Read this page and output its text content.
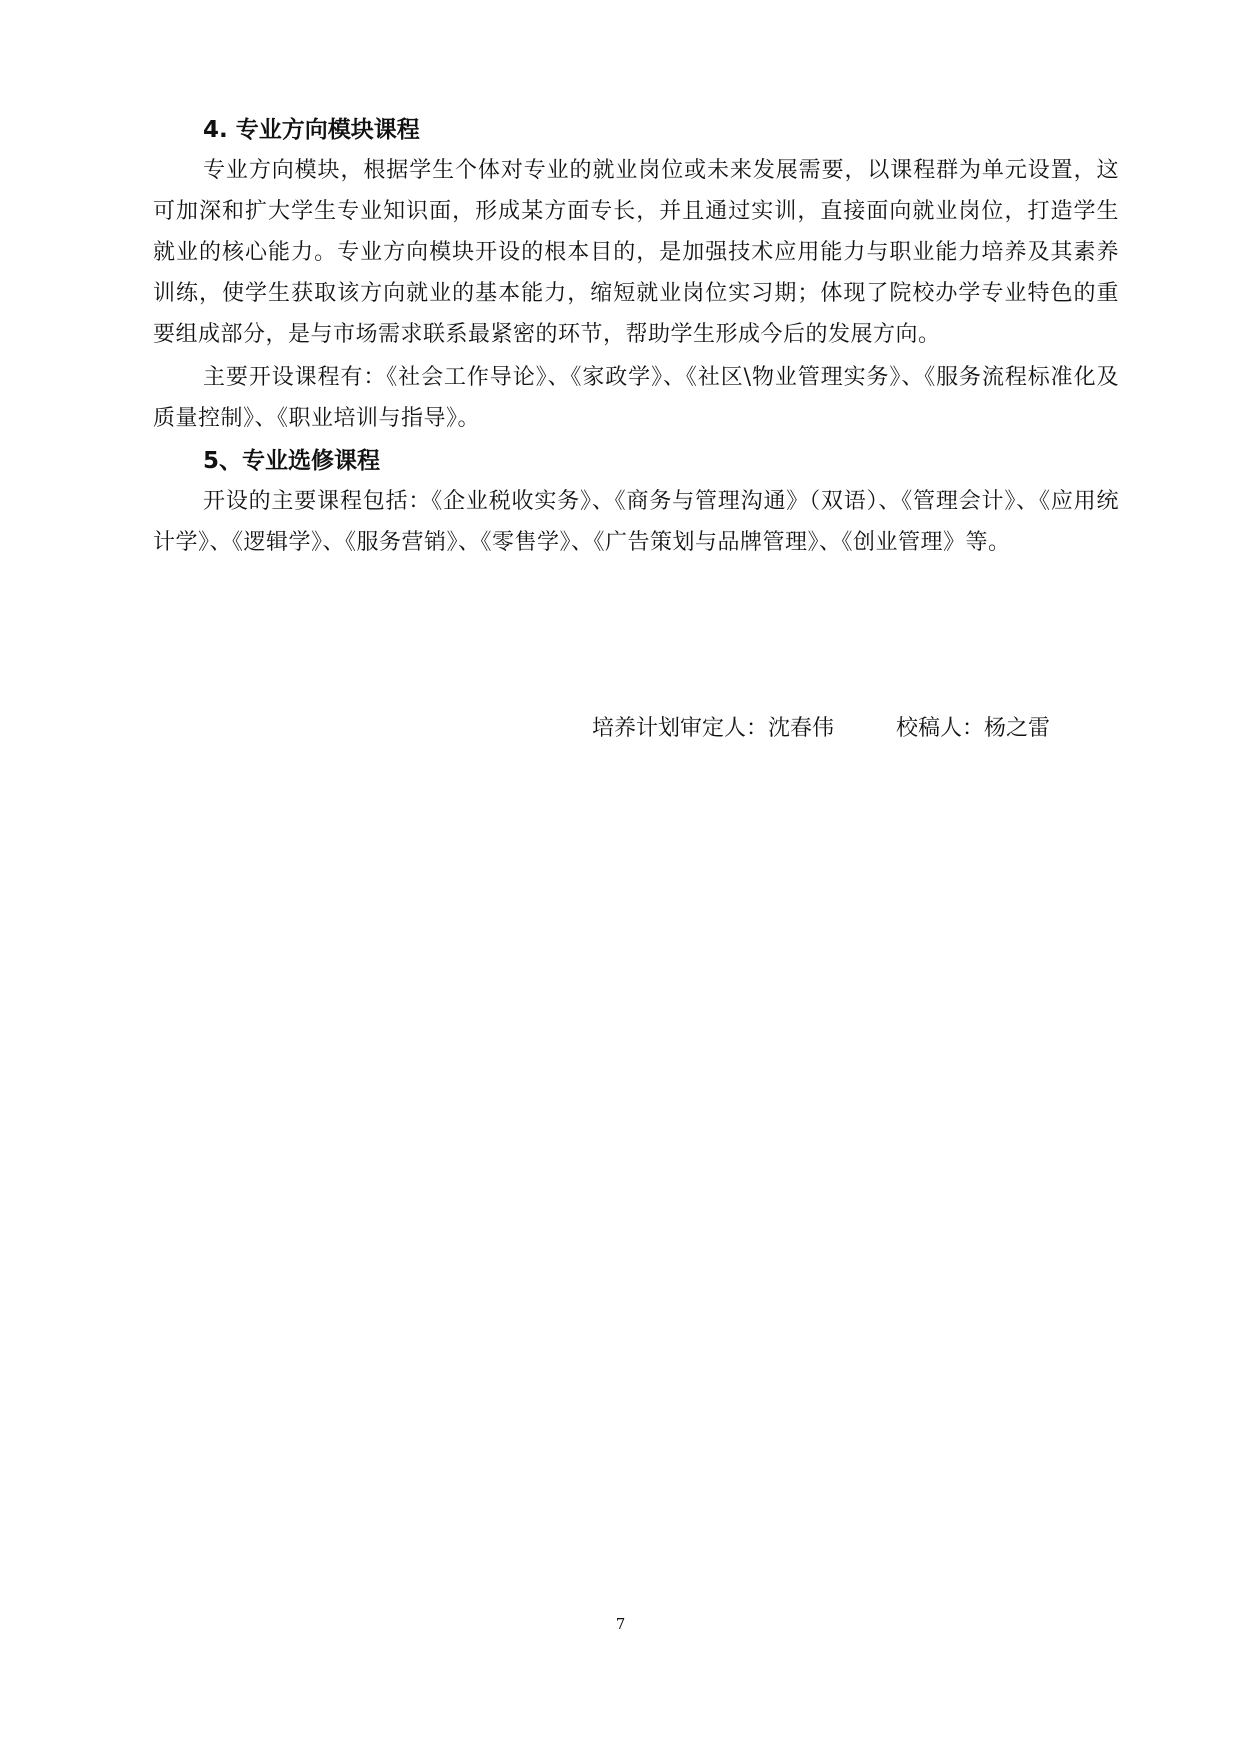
4. 专业方向模块课程

专业方向模块，根据学生个体对专业的就业岗位或未来发展需要，以课程群为单元设置，这可加深和扩大学生专业知识面，形成某方面专长，并且通过实训，直接面向就业岗位，打造学生就业的核心能力。专业方向模块开设的根本目的，是加强技术应用能力与职业能力培养及其素养训练，使学生获取该方向就业的基本能力，缩短就业岗位实习期；体现了院校办学专业特色的重要组成部分，是与市场需求联系最紧密的环节，帮助学生形成今后的发展方向。

主要开设课程有：《社会工作导论》、《家政学》、《社区\物业管理实务》、《服务流程标准化及质量控制》、《职业培训与指导》。

5、专业选修课程

开设的主要课程包括：《企业税收实务》、《商务与管理沟通》（双语）、《管理会计》、《应用统计学》、《逻辑学》、《服务营销》、《零售学》、《广告策划与品牌管理》、《创业管理》等。

培养计划审定人：沈春伟	校稿人：杨之雷
7
